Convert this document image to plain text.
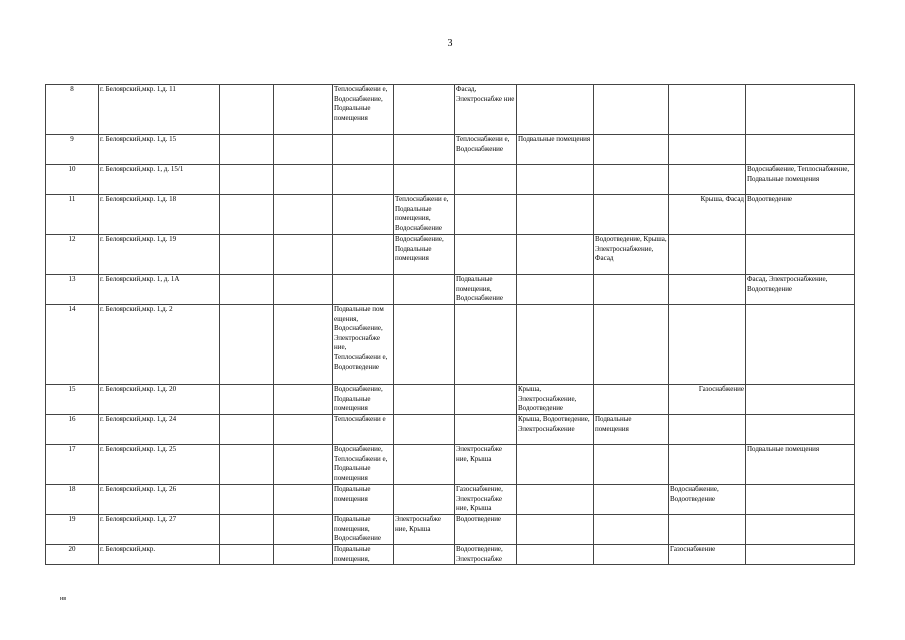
3
8	г. Белоярский,мкр. 1,д. 11			Теплоснабжени е, Водоснабжение, Подвальные помещения		Фасад, Электроснабже ние				
9	г. Белоярский,мкр. 1,д. 15					Теплоснабжени е, Водоснабжение	Подвальные помещения			
10	г. Белоярский,мкр. 1, д. 15/1									Водоснабжение, Теплоснабжение, Подвальные помещения
11	г. Белоярский,мкр. 1,д. 18				Теплоснабжени е, Подвальные помещения, Водоснабжение				Крыша, Фасад	Водоотведение
12	г. Белоярский,мкр. 1,д. 19				Водоснабжение, Подвальные помещения			Водоотведение, Крыша, Электроснабжение, Фасад		
13	г. Белоярский,мкр. 1, д. 1А					Подвальные помещения, Водоснабжение				Фасад, Электроснабжение, Водоотведение
14	г. Белоярский,мкр. 1,д. 2			Подвальные пом ещения, Водоснабжение, Электроснабже ние, Теплоснабжени е, Водоотведение						
15	г. Белоярский,мкр. 1,д. 20			Водоснабжение, Подвальные помещения			Крыша, Электроснабжение, Водоотведение		Газоснабжение	
16	г. Белоярский,мкр. 1,д. 24			Теплоснабжени е			Крыша, Водоотведение, Электроснабжение	Подвальные помещения		
17	г. Белоярский,мкр. 1,д. 25			Водоснабжение, Теплоснабжени е, Подвальные помещения		Электроснабже ние, Крыша				Подвальные помещения
18	г. Белоярский,мкр. 1,д. 26			Подвальные помещения		Газоснабжение, Электроснабже ние, Крыша			Водоснабжение, Водоотведение	
19	г. Белоярский,мкр. 1,д. 27			Подвальные помещения, Водоснабжение	Электроснабже ние, Крыша	Водоотведение				
20	г. Белоярский,мкр.			Подвальные помещения,		Водоотведение, Электроснабже			Газоснабжение	
нв
